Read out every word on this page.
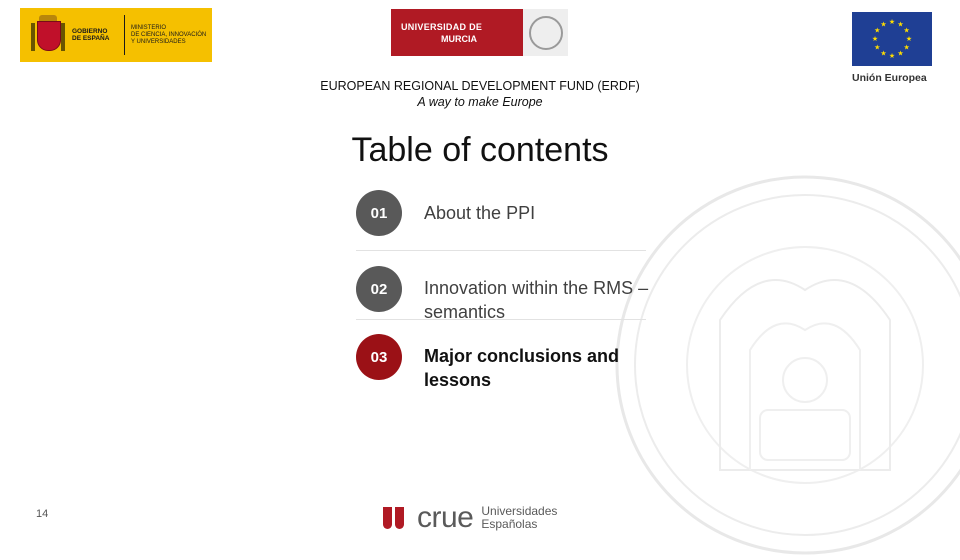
GOBIERNO
DE ESPAÑA
MINISTERIO
DE CIENCIA, INNOVACIÓN
Y UNIVERSIDADES
UNIVERSIDAD DE
MURCIA
★ ★
★
★
★
★
★
★
★
★
★
★
Unión Europea
EUROPEAN REGIONAL DEVELOPMENT FUND (ERDF)
A way to make Europe
Table of contents
01	About the PPI
02	Innovation within the RMS – semantics
03	Major conclusions and lessons
14	crue Universidades
Españolas
